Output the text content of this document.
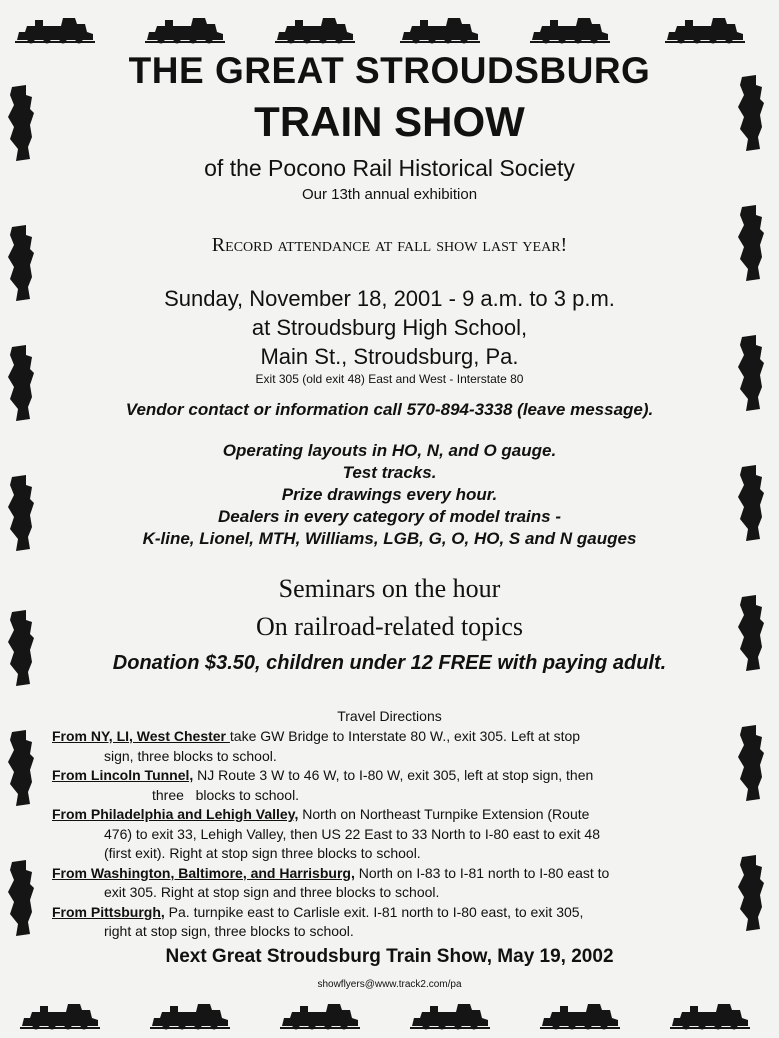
THE GREAT STROUDSBURG
TRAIN SHOW
of the Pocono Rail Historical Society
Our 13th annual exhibition
Record attendance at fall show last year!
Sunday, November 18, 2001 - 9 a.m. to 3 p.m.
at Stroudsburg High School,
Main St., Stroudsburg, Pa.
Exit 305 (old exit 48) East and West - Interstate 80
Vendor contact or information call 570-894-3338 (leave message).
Operating layouts in HO, N, and O gauge.
Test tracks.
Prize drawings every hour.
Dealers in every category of model trains -
K-line, Lionel, MTH, Williams, LGB, G, O, HO, S and N gauges
Seminars on the hour
On railroad-related topics
Donation $3.50, children under 12 FREE with paying adult.
Travel Directions

From NY, LI, West Chester take GW Bridge to Interstate 80 W., exit 305. Left at stop
sign, three blocks to school.

From Lincoln Tunnel, NJ Route 3 W to 46 W, to I-80 W, exit 305, left at stop sign, then
three   blocks to school.

From Philadelphia and Lehigh Valley, North on Northeast Turnpike Extension (Route
476) to exit 33, Lehigh Valley, then US 22 East to 33 North to I-80 east to exit 48
(first exit). Right at stop sign three blocks to school.

From Washington, Baltimore, and Harrisburg, North on I-83 to I-81 north to I-80 east to
exit 305. Right at stop sign and three blocks to school.

From Pittsburgh, Pa. turnpike east to Carlisle exit. I-81 north to I-80 east, to exit 305,
right at stop sign, three blocks to school.

Next Great Stroudsburg Train Show, May 19, 2002
showflyers@www.track2.com/pa
